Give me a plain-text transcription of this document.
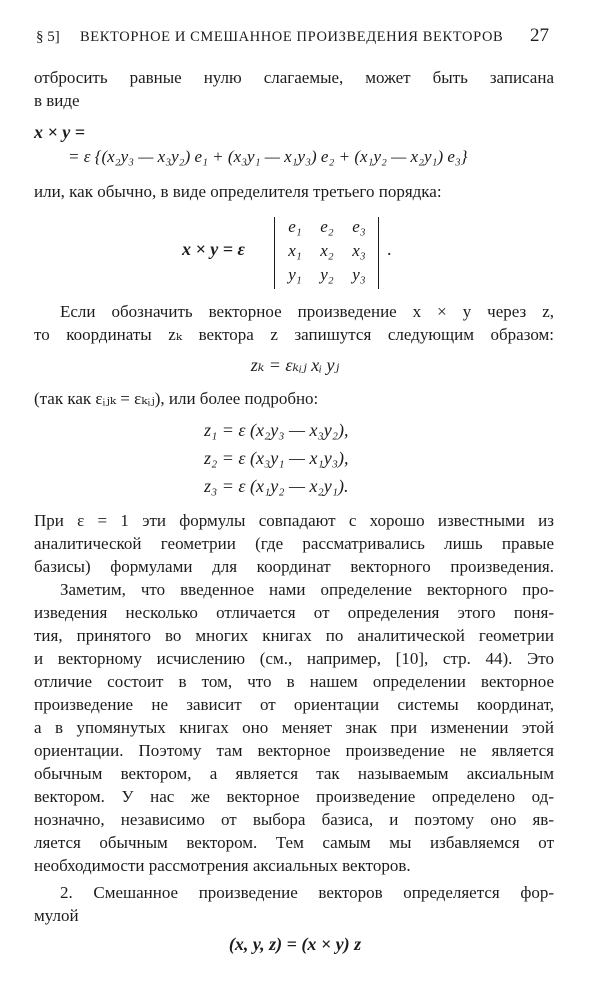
§ 5] ВЕКТОРНОЕ И СМЕШАННОЕ ПРОИЗВЕДЕНИЯ ВЕКТОРОВ 27
отбросить равные нулю слагаемые, может быть записана
в виде
x × y =
= ε {(x₂y₃ — x₃y₂) e₁ + (x₃y₁ — x₁y₃) e₂ + (x₁y₂ — x₂y₁) e₃}
или, как обычно, в виде определителя третьего порядка:
x × y = ε
e₁	e₂	e₃
x₁	x₂	x₃
y₁	y₂	y₃
.
Если обозначить векторное произведение x × y через z,
то координаты zₖ вектора z запишутся следующим образом:
zₖ = εₖᵢⱼ xᵢ yⱼ
(так как εᵢⱼₖ = εₖᵢⱼ), или более подробно:
z₁ = ε (x₂y₃ — x₃y₂),
z₂ = ε (x₃y₁ — x₁y₃),
z₃ = ε (x₁y₂ — x₂y₁).
При ε = 1 эти формулы совпадают с хорошо известными из
аналитической геометрии (где рассматривались лишь правые
базисы) формулами для координат векторного произведения.
Заметим, что введенное нами определение векторного про-
изведения несколько отличается от определения этого поня-
тия, принятого во многих книгах по аналитической геометрии
и векторному исчислению (см., например, [10], стр. 44). Это
отличие состоит в том, что в нашем определении векторное
произведение не зависит от ориентации системы координат,
а в упомянутых книгах оно меняет знак при изменении этой
ориентации. Поэтому там векторное произведение не является
обычным вектором, а является так называемым аксиальным
вектором. У нас же векторное произведение определено од-
нозначно, независимо от выбора базиса, и поэтому оно яв-
ляется обычным вектором. Тем самым мы избавляемся от
необходимости рассмотрения аксиальных векторов.
2. Смешанное произведение векторов определяется фор-
мулой
(x, y, z) = (x × y) z
